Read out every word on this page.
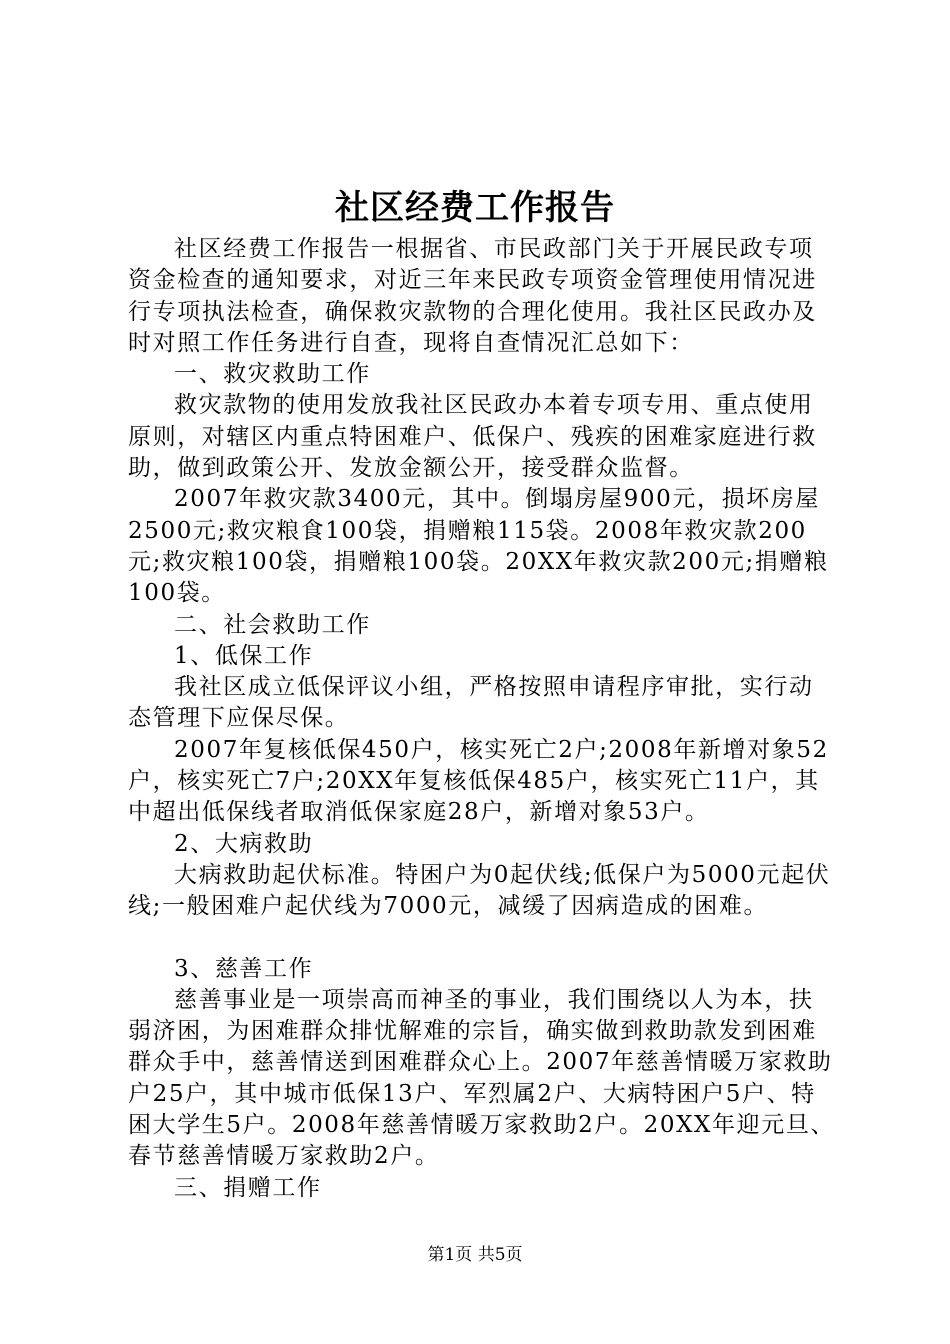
社区经费工作报告

社区经费工作报告一根据省、市民政部门关于开展民政专项资金检查的通知要求，对近三年来民政专项资金管理使用情况进行专项执法检查，确保救灾款物的合理化使用。我社区民政办及时对照工作任务进行自查，现将自查情况汇总如下：

一、救灾救助工作

救灾款物的使用发放我社区民政办本着专项专用、重点使用原则，对辖区内重点特困难户、低保户、残疾的困难家庭进行救助，做到政策公开、发放金额公开，接受群众监督。

2007年救灾款3400元，其中。倒塌房屋900元，损坏房屋2500元;救灾粮食100袋，捐赠粮115袋。2008年救灾款200元;救灾粮100袋，捐赠粮100袋。20XX年救灾款200元;捐赠粮100袋。

二、社会救助工作

1、低保工作

我社区成立低保评议小组，严格按照申请程序审批，实行动态管理下应保尽保。

2007年复核低保450户，核实死亡2户;2008年新增对象52户，核实死亡7户;20XX年复核低保485户，核实死亡11户，其中超出低保线者取消低保家庭28户，新增对象53户。

2、大病救助

大病救助起伏标准。特困户为0起伏线;低保户为5000元起伏线;一般困难户起伏线为7000元，减缓了因病造成的困难。

3、慈善工作

慈善事业是一项崇高而神圣的事业，我们围绕以人为本，扶弱济困，为困难群众排忧解难的宗旨，确实做到救助款发到困难群众手中，慈善情送到困难群众心上。2007年慈善情暖万家救助户25户，其中城市低保13户、军烈属2户、大病特困户5户、特困大学生5户。2008年慈善情暖万家救助2户。20XX年迎元旦、春节慈善情暖万家救助2户。

三、捐赠工作

第1页 共5页
